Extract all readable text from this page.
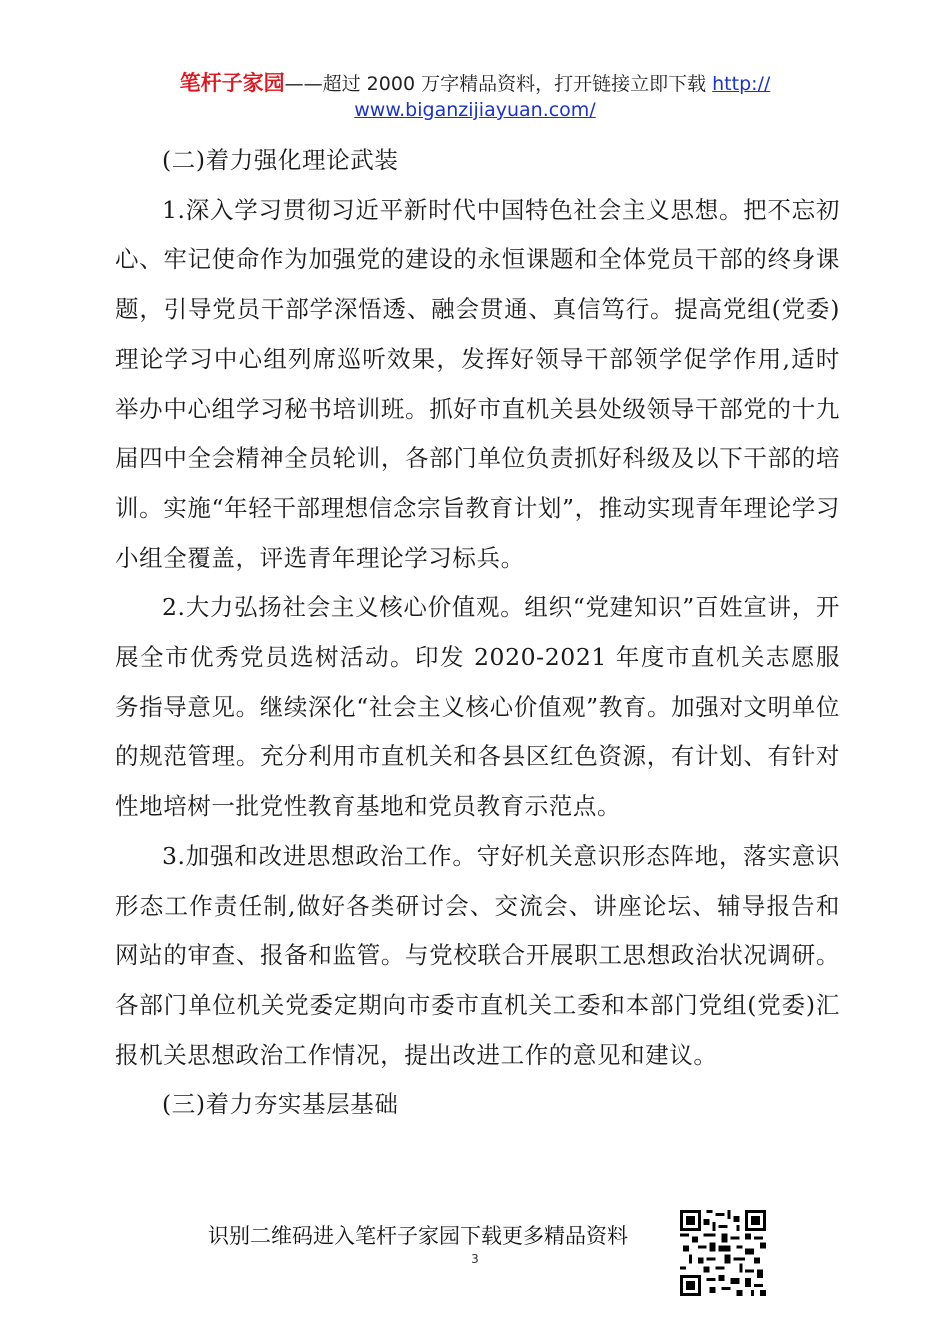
笔杆子家园——超过 2000 万字精品资料，打开链接立即下载 http://
www.biganzijiayuan.com/

(二)着力强化理论武装

1.深入学习贯彻习近平新时代中国特色社会主义思想。把不忘初心、牢记使命作为加强党的建设的永恒课题和全体党员干部的终身课题，引导党员干部学深悟透、融会贯通、真信笃行。提高党组(党委)理论学习中心组列席巡听效果，发挥好领导干部领学促学作用,适时举办中心组学习秘书培训班。抓好市直机关县处级领导干部党的十九届四中全会精神全员轮训，各部门单位负责抓好科级及以下干部的培训。实施“年轻干部理想信念宗旨教育计划”，推动实现青年理论学习小组全覆盖，评选青年理论学习标兵。

2.大力弘扬社会主义核心价值观。组织“党建知识”百姓宣讲，开展全市优秀党员选树活动。印发 2020-2021 年度市直机关志愿服务指导意见。继续深化“社会主义核心价值观”教育。加强对文明单位的规范管理。充分利用市直机关和各县区红色资源，有计划、有针对性地培树一批党性教育基地和党员教育示范点。

3.加强和改进思想政治工作。守好机关意识形态阵地，落实意识形态工作责任制,做好各类研讨会、交流会、讲座论坛、辅导报告和网站的审查、报备和监管。与党校联合开展职工思想政治状况调研。各部门单位机关党委定期向市委市直机关工委和本部门党组(党委)汇报机关思想政治工作情况，提出改进工作的意见和建议。

(三)着力夯实基层基础

识别二维码进入笔杆子家园下载更多精品资料
3
